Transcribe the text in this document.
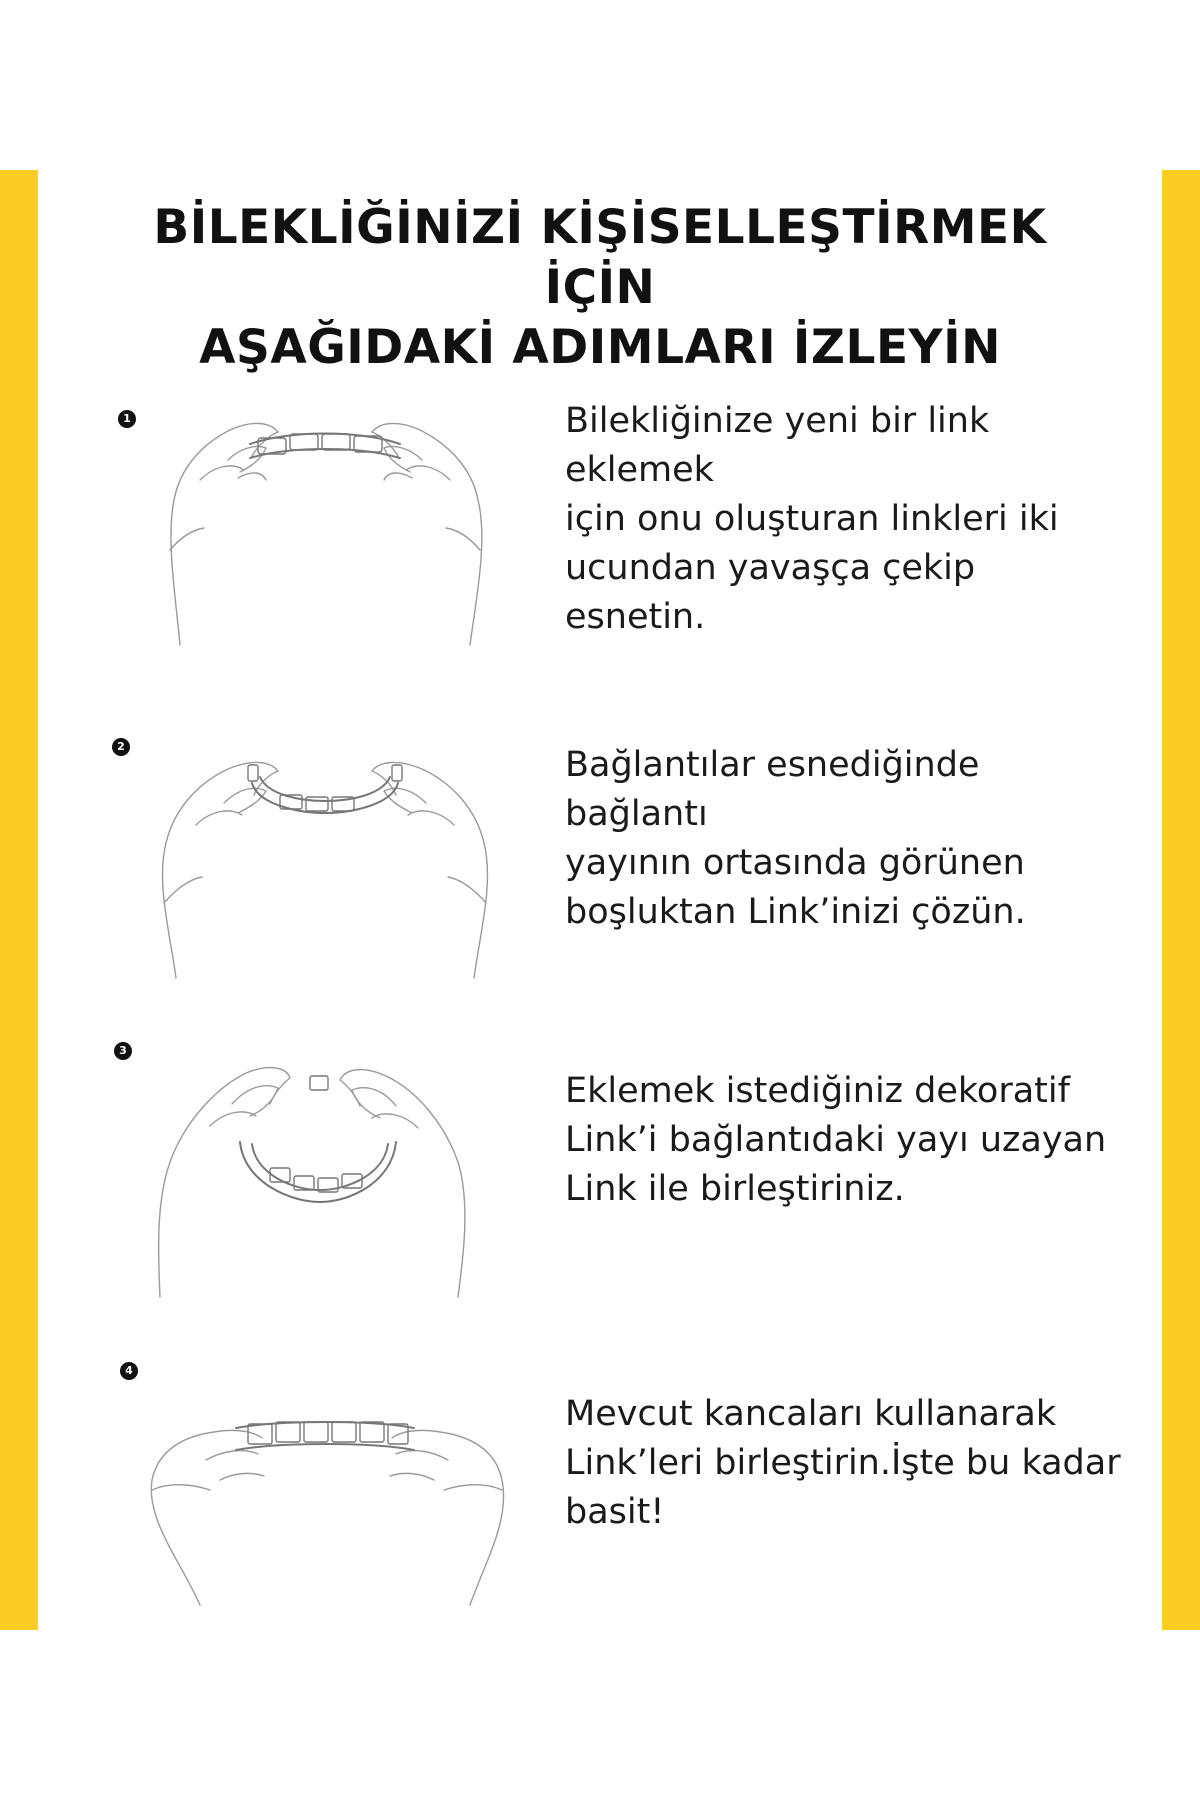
BİLEKLİĞİNİZİ KİŞİSELLEŞTİRMEK İÇİN
AŞAĞIDAKİ ADIMLARI İZLEYİN
1	Bilekliğinize yeni bir link eklemek
için onu oluşturan linkleri iki
ucundan yavaşça çekip esnetin.

2	Bağlantılar esnediğinde bağlantı
yayının ortasında görünen
boşluktan Link’inizi çözün.

3

Eklemek istediğiniz dekoratif
Link’i bağlantıdaki yayı uzayan
Link ile birleştiriniz.

4

Mevcut kancaları kullanarak
Link’leri birleştirin.İşte bu kadar
basit!
